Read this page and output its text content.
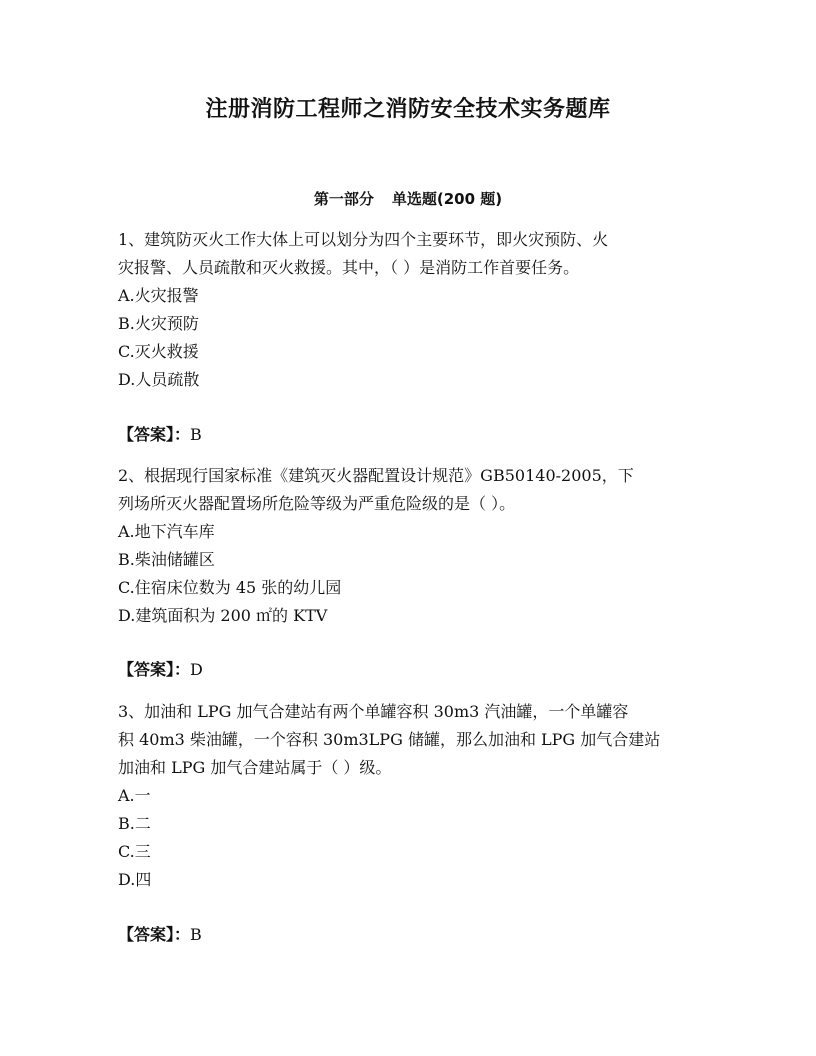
注册消防工程师之消防安全技术实务题库
第一部分 单选题(200 题)
1、建筑防灭火工作大体上可以划分为四个主要环节，即火灾预防、火
灾报警、人员疏散和灭火救援。其中，（ ）是消防工作首要任务。
A.火灾报警
B.火灾预防
C.灭火救援
D.人员疏散
【答案】：B
2、根据现行国家标准《建筑灭火器配置设计规范》GB50140-2005，下
列场所灭火器配置场所危险等级为严重危险级的是（ ）。
A.地下汽车库
B.柴油储罐区
C.住宿床位数为 45 张的幼儿园
D.建筑面积为 200 ㎡的 KTV
【答案】：D
3、加油和 LPG 加气合建站有两个单罐容积 30m3 汽油罐，一个单罐容
积 40m3 柴油罐，一个容积 30m3LPG 储罐，那么加油和 LPG 加气合建站
加油和 LPG 加气合建站属于（ ）级。
A.一
B.二
C.三
D.四
【答案】：B
